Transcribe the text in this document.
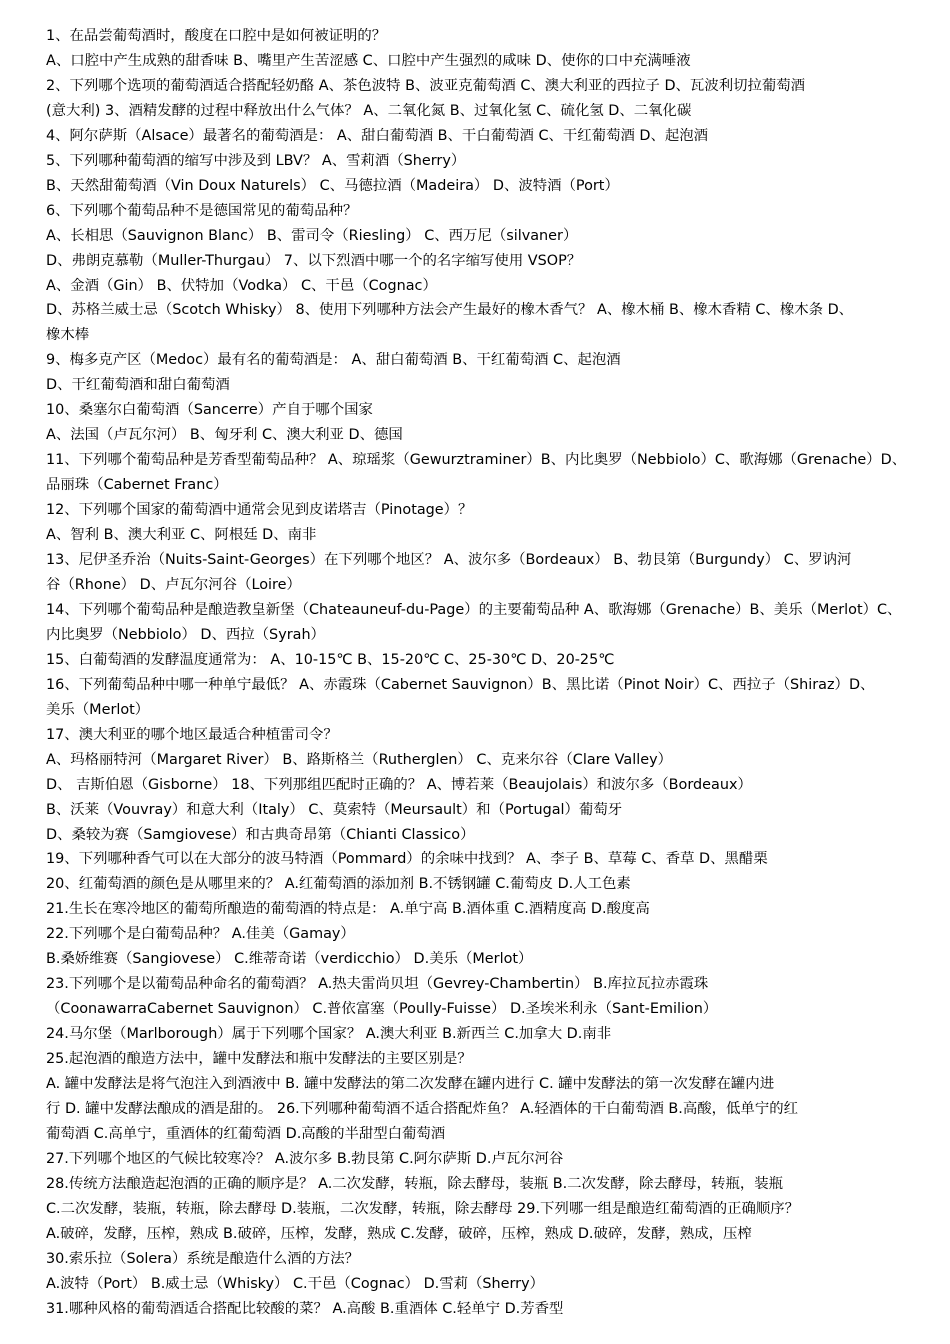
1、在品尝葡萄酒时，酸度在口腔中是如何被证明的？
A、口腔中产生成熟的甜香味 B、嘴里产生苦涩感 C、口腔中产生强烈的咸味 D、使你的口中充满唾液
2、下列哪个选项的葡萄酒适合搭配轻奶酪 A、茶色波特 B、波亚克葡萄酒 C、澳大利亚的西拉子 D、瓦波利切拉葡萄酒
(意大利) 3、酒精发酵的过程中释放出什么气体？ A、二氧化氮 B、过氧化氢 C、硫化氢 D、二氧化碳
4、阿尔萨斯（Alsace）最著名的葡萄酒是： A、甜白葡萄酒 B、干白葡萄酒 C、干红葡萄酒 D、起泡酒
5、下列哪种葡萄酒的缩写中涉及到 LBV？ A、雪莉酒（Sherry）
B、天然甜葡萄酒（Vin Doux Naturels） C、马德拉酒（Madeira） D、波特酒（Port）
6、下列哪个葡萄品种不是德国常见的葡萄品种？
A、长相思（Sauvignon Blanc） B、雷司令（Riesling） C、西万尼（silvaner）
D、弗朗克慕勒（Muller-Thurgau） 7、以下烈酒中哪一个的名字缩写使用 VSOP？
A、金酒（Gin） B、伏特加（Vodka） C、干邑（Cognac）
D、苏格兰威士忌（Scotch Whisky） 8、使用下列哪种方法会产生最好的橡木香气？ A、橡木桶 B、橡木香精 C、橡木条 D、
橡木棒
9、梅多克产区（Medoc）最有名的葡萄酒是： A、甜白葡萄酒 B、干红葡萄酒 C、起泡酒
D、干红葡萄酒和甜白葡萄酒
10、桑塞尔白葡萄酒（Sancerre）产自于哪个国家
A、法国（卢瓦尔河） B、匈牙利 C、澳大利亚 D、德国
11、下列哪个葡萄品种是芳香型葡萄品种？ A、琼瑶浆（Gewurztraminer）B、内比奥罗（Nebbiolo）C、歌海娜（Grenache）D、
品丽珠（Cabernet Franc）
12、下列哪个国家的葡萄酒中通常会见到皮诺塔吉（Pinotage）？
A、智利 B、澳大利亚 C、阿根廷 D、南非
13、尼伊圣乔治（Nuits-Saint-Georges）在下列哪个地区？ A、波尔多（Bordeaux） B、勃艮第（Burgundy） C、罗讷河
谷（Rhone） D、卢瓦尔河谷（Loire）
14、下列哪个葡萄品种是酿造教皇新堡（Chateauneuf-du-Page）的主要葡萄品种 A、歌海娜（Grenache）B、美乐（Merlot）C、
内比奥罗（Nebbiolo） D、西拉（Syrah）
15、白葡萄酒的发酵温度通常为： A、10-15℃ B、15-20℃ C、25-30℃ D、20-25℃
16、下列葡萄品种中哪一种单宁最低？ A、赤霞珠（Cabernet Sauvignon）B、黑比诺（Pinot Noir）C、西拉子（Shiraz）D、
美乐（Merlot）
17、澳大利亚的哪个地区最适合种植雷司令？
A、玛格丽特河（Margaret River） B、路斯格兰（Rutherglen） C、克来尔谷（Clare Valley）
D、 吉斯伯恩（Gisborne） 18、下列那组匹配时正确的？ A、博若莱（Beaujolais）和波尔多（Bordeaux）
B、沃莱（Vouvray）和意大利（Italy） C、莫索特（Meursault）和（Portugal）葡萄牙
D、桑较为赛（Samgiovese）和古典奇昂第（Chianti Classico）
19、下列哪种香气可以在大部分的波马特酒（Pommard）的余味中找到？ A、李子 B、草莓 C、香草 D、黑醋栗
20、红葡萄酒的颜色是从哪里来的？ A.红葡萄酒的添加剂 B.不锈钢罐 C.葡萄皮 D.人工色素
21.生长在寒冷地区的葡萄所酿造的葡萄酒的特点是： A.单宁高 B.酒体重 C.酒精度高 D.酸度高
22.下列哪个是白葡萄品种？ A.佳美（Gamay）
B.桑娇维赛（Sangiovese） C.维蒂奇诺（verdicchio） D.美乐（Merlot）
23.下列哪个是以葡萄品种命名的葡萄酒？ A.热夫雷尚贝坦（Gevrey-Chambertin） B.库拉瓦拉赤霞珠
（CoonawarraCabernet Sauvignon） C.普依富塞（Poully-Fuisse） D.圣埃米利永（Sant-Emilion）
24.马尔堡（Marlborough）属于下列哪个国家？ A.澳大利亚 B.新西兰 C.加拿大 D.南非
25.起泡酒的酿造方法中，罐中发酵法和瓶中发酵法的主要区别是？
A. 罐中发酵法是将气泡注入到酒液中 B. 罐中发酵法的第二次发酵在罐内进行 C. 罐中发酵法的第一次发酵在罐内进
行 D. 罐中发酵法酿成的酒是甜的。 26.下列哪种葡萄酒不适合搭配炸鱼？ A.轻酒体的干白葡萄酒 B.高酸，低单宁的红
葡萄酒 C.高单宁，重酒体的红葡萄酒 D.高酸的半甜型白葡萄酒
27.下列哪个地区的气候比较寒冷？ A.波尔多 B.勃艮第 C.阿尔萨斯 D.卢瓦尔河谷
28.传统方法酿造起泡酒的正确的顺序是？ A.二次发酵，转瓶，除去酵母，装瓶 B.二次发酵，除去酵母，转瓶，装瓶
C.二次发酵，装瓶，转瓶，除去酵母 D.装瓶，二次发酵，转瓶，除去酵母 29.下列哪一组是酿造红葡萄酒的正确顺序？
A.破碎，发酵，压榨，熟成 B.破碎，压榨，发酵，熟成 C.发酵，破碎，压榨，熟成 D.破碎，发酵，熟成，压榨
30.索乐拉（Solera）系统是酿造什么酒的方法？
A.波特（Port） B.威士忌（Whisky） C.干邑（Cognac） D.雪莉（Sherry）
31.哪种风格的葡萄酒适合搭配比较酸的菜？ A.高酸 B.重酒体 C.轻单宁 D.芳香型
